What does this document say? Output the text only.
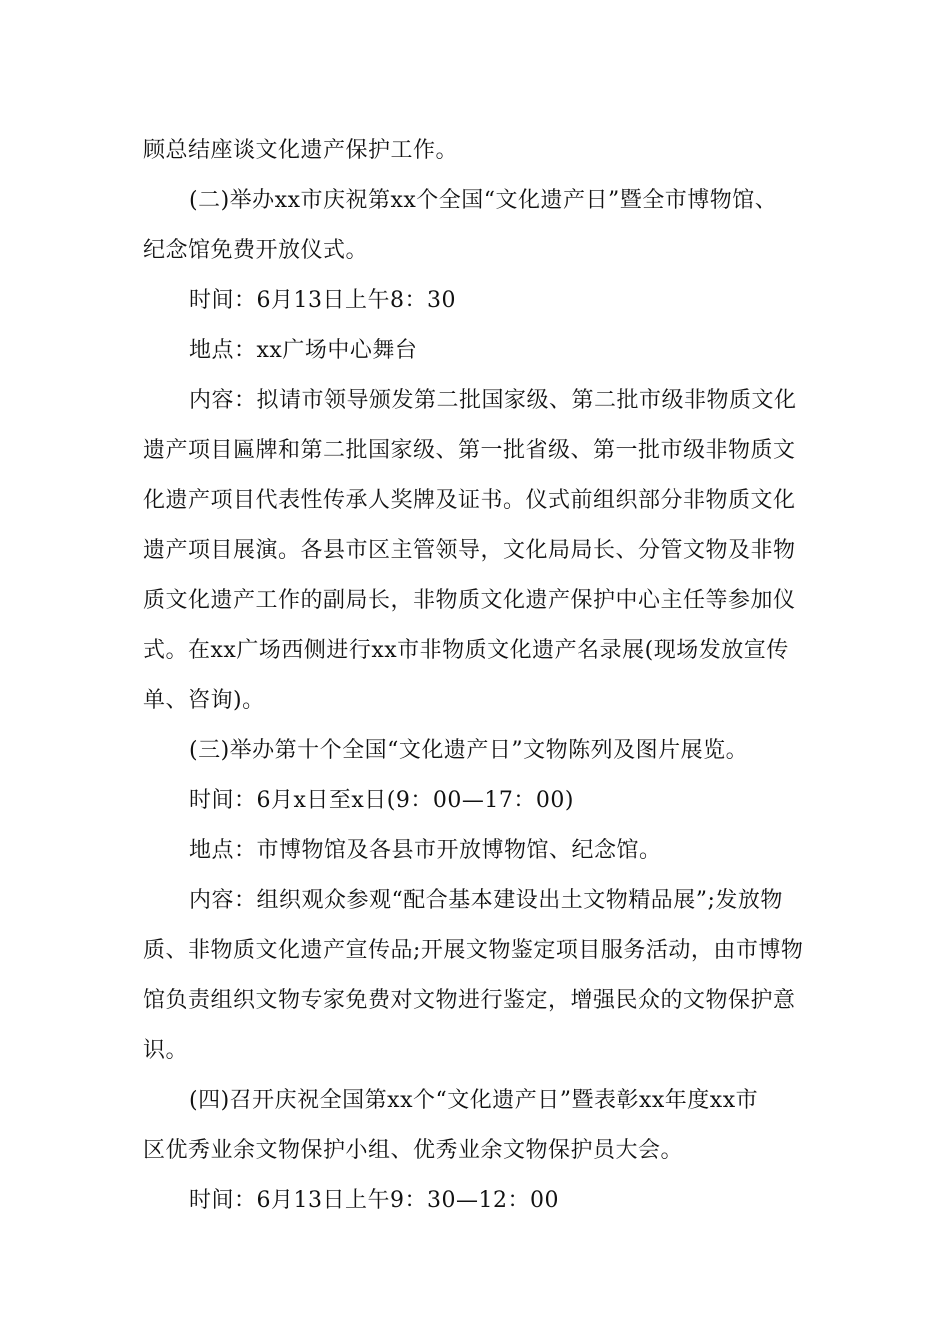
顾总结座谈文化遗产保护工作。
(二)举办xx市庆祝第xx个全国“文化遗产日”暨全市博物馆、
纪念馆免费开放仪式。
时间：6月13日上午8：30
地点：xx广场中心舞台
内容：拟请市领导颁发第二批国家级、第二批市级非物质文化
遗产项目匾牌和第二批国家级、第一批省级、第一批市级非物质文
化遗产项目代表性传承人奖牌及证书。仪式前组织部分非物质文化
遗产项目展演。各县市区主管领导，文化局局长、分管文物及非物
质文化遗产工作的副局长，非物质文化遗产保护中心主任等参加仪
式。在xx广场西侧进行xx市非物质文化遗产名录展(现场发放宣传
单、咨询)。
(三)举办第十个全国“文化遗产日”文物陈列及图片展览。
时间：6月x日至x日(9：00—17：00)
地点：市博物馆及各县市开放博物馆、纪念馆。
内容：组织观众参观“配合基本建设出土文物精品展”;发放物
质、非物质文化遗产宣传品;开展文物鉴定项目服务活动，由市博物
馆负责组织文物专家免费对文物进行鉴定，增强民众的文物保护意
识。
(四)召开庆祝全国第xx个“文化遗产日”暨表彰xx年度xx市
区优秀业余文物保护小组、优秀业余文物保护员大会。
时间：6月13日上午9：30—12：00
